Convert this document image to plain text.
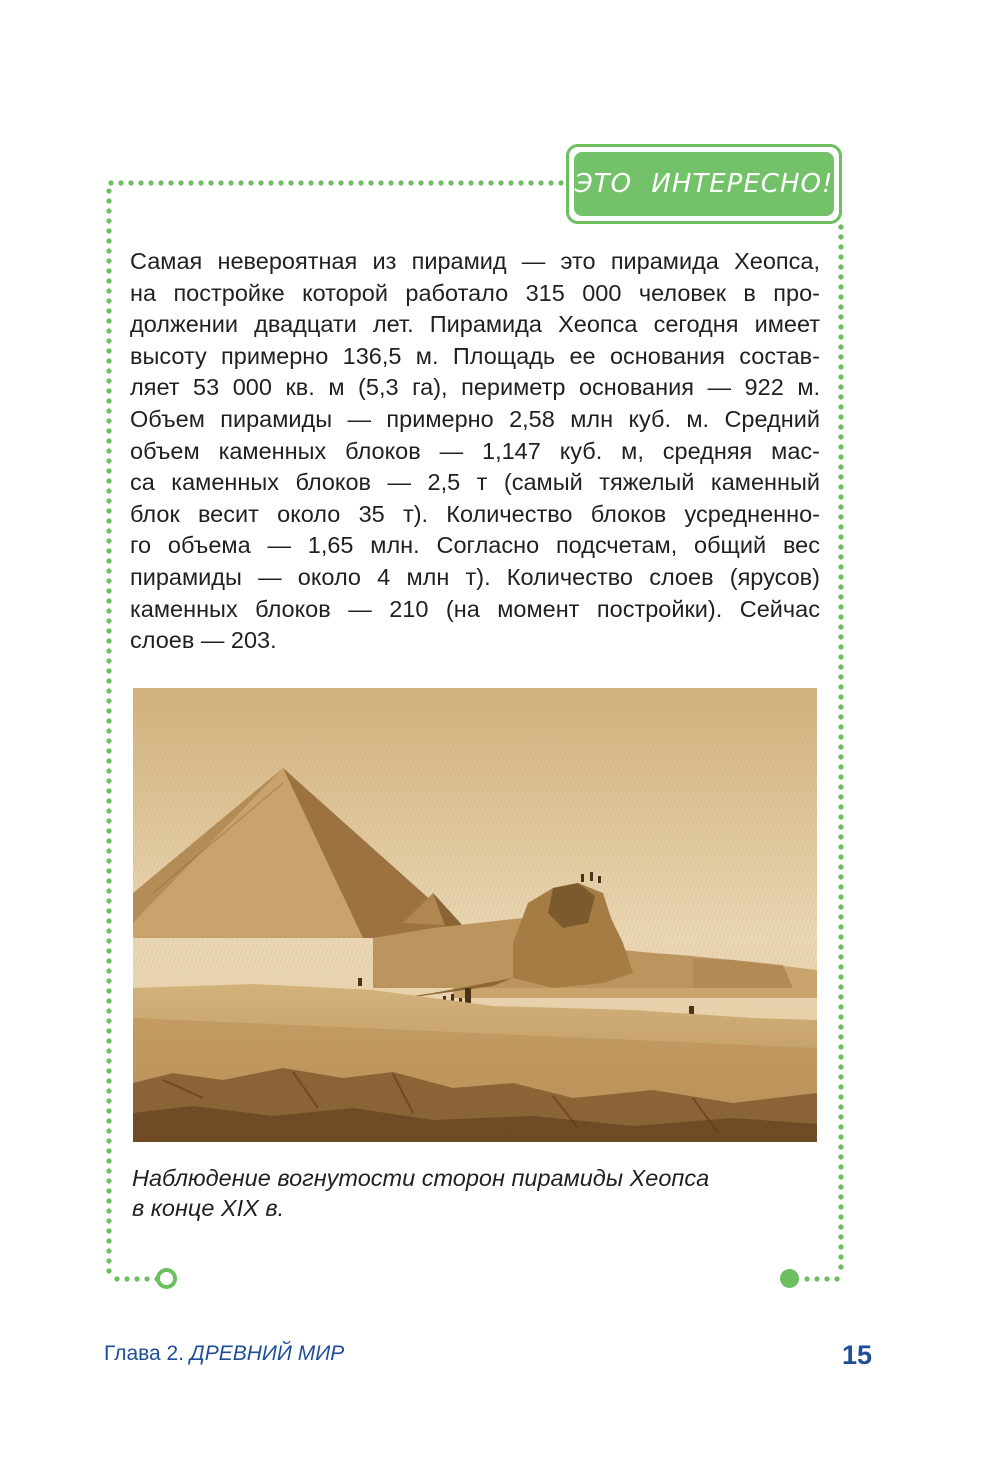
ЭТО ИНТЕРЕСНО!

Самая невероятная из пирамид — это пирамида Хеопса,
на постройке которой работало 315 000 человек в про-
должении двадцати лет. Пирамида Хеопса сегодня имеет
высоту примерно 136,5 м. Площадь ее основания состав-
ляет 53 000 кв. м (5,3 га), периметр основания — 922 м.
Объем пирамиды — примерно 2,58 млн куб. м. Средний
объем каменных блоков — 1,147 куб. м, средняя мас-
са каменных блоков — 2,5 т (самый тяжелый каменный
блок весит около 35 т). Количество блоков усредненно-
го объема — 1,65 млн. Согласно подсчетам, общий вес
пирамиды — около 4 млн т). Количество слоев (ярусов)
каменных блоков — 210 (на момент постройки). Сейчас
слоев — 203.

Наблюдение вогнутости сторон пирамиды Хеопса
в конце XIX в.

Глава 2. ДРЕВНИЙ МИР	15
